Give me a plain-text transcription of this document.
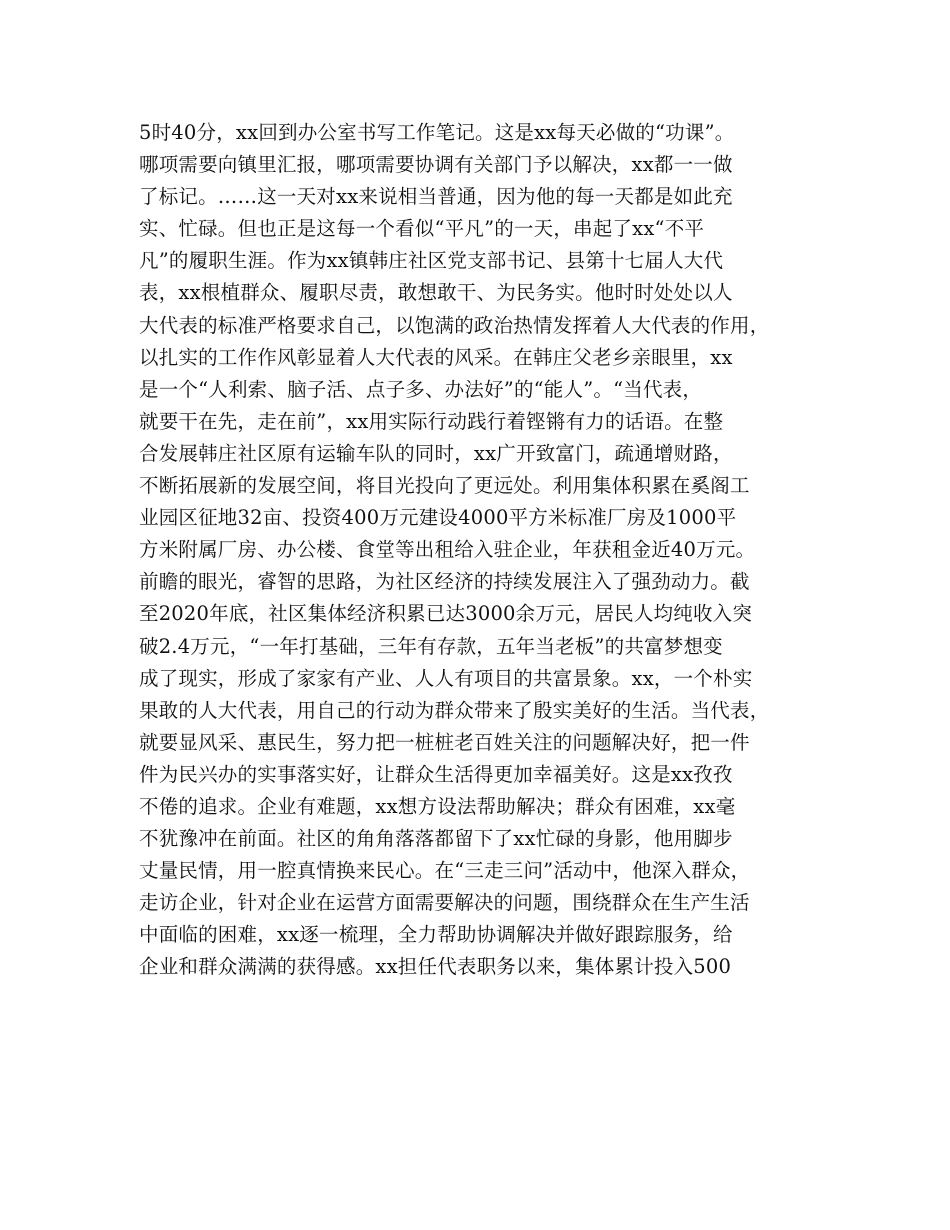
5时40分，xx回到办公室书写工作笔记。这是xx每天必做的“功课”。
哪项需要向镇里汇报，哪项需要协调有关部门予以解决，xx都一一做
了标记。……这一天对xx来说相当普通，因为他的每一天都是如此充
实、忙碌。但也正是这每一个看似“平凡”的一天，串起了xx“不平
凡”的履职生涯。作为xx镇韩庄社区党支部书记、县第十七届人大代
表，xx根植群众、履职尽责，敢想敢干、为民务实。他时时处处以人
大代表的标准严格要求自己，以饱满的政治热情发挥着人大代表的作用，
以扎实的工作作风彰显着人大代表的风采。在韩庄父老乡亲眼里，xx
是一个“人利索、脑子活、点子多、办法好”的“能人”。“当代表，
就要干在先，走在前”，xx用实际行动践行着铿锵有力的话语。在整
合发展韩庄社区原有运输车队的同时，xx广开致富门，疏通增财路，
不断拓展新的发展空间，将目光投向了更远处。利用集体积累在奚阁工
业园区征地32亩、投资400万元建设4000平方米标准厂房及1000平
方米附属厂房、办公楼、食堂等出租给入驻企业，年获租金近40万元。
前瞻的眼光，睿智的思路，为社区经济的持续发展注入了强劲动力。截
至2020年底，社区集体经济积累已达3000余万元，居民人均纯收入突
破2.4万元，“一年打基础，三年有存款，五年当老板”的共富梦想变
成了现实，形成了家家有产业、人人有项目的共富景象。xx，一个朴实
果敢的人大代表，用自己的行动为群众带来了殷实美好的生活。当代表，
就要显风采、惠民生，努力把一桩桩老百姓关注的问题解决好，把一件
件为民兴办的实事落实好，让群众生活得更加幸福美好。这是xx孜孜
不倦的追求。企业有难题，xx想方设法帮助解决；群众有困难，xx毫
不犹豫冲在前面。社区的角角落落都留下了xx忙碌的身影，他用脚步
丈量民情，用一腔真情换来民心。在“三走三问”活动中，他深入群众，
走访企业，针对企业在运营方面需要解决的问题，围绕群众在生产生活
中面临的困难，xx逐一梳理，全力帮助协调解决并做好跟踪服务，给
企业和群众满满的获得感。xx担任代表职务以来，集体累计投入500
